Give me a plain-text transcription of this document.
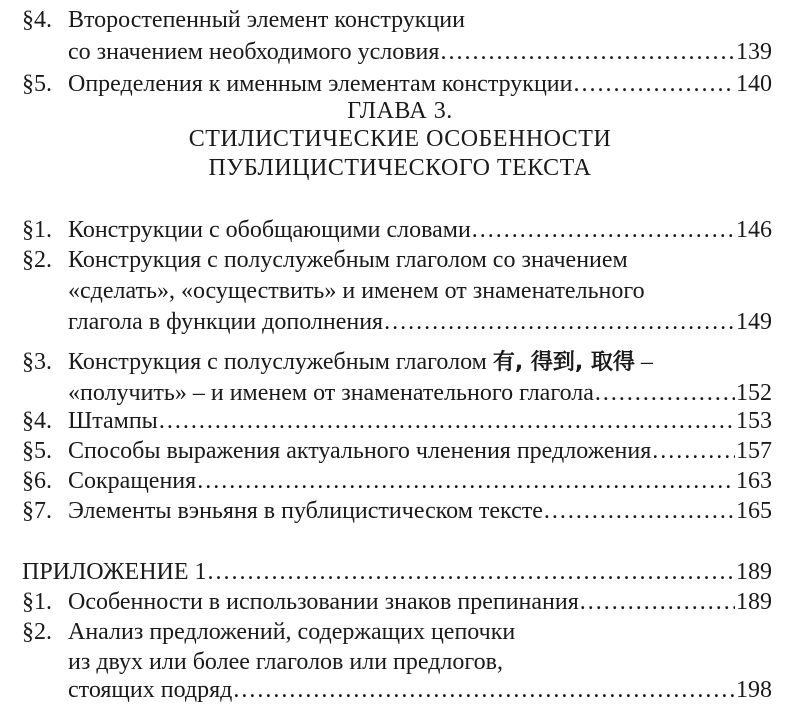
§4. Второстепенный элемент конструкции
со значением необходимого условия . . .	139
§5. Определения к именным элементам конструкции . . .	140
ГЛАВА 3.
СТИЛИСТИЧЕСКИЕ ОСОБЕННОСТИ
ПУБЛИЦИСТИЧЕСКОГО ТЕКСТА
§1. Конструкции с обобщающими словами . . .	146
§2. Конструкция с полуслужебным глаголом со значением
«сделать», «осуществить» и именем от знаменательного
глагола в функции дополнения . . .	149
§3. Конструкция с полуслужебным глаголом 有, 得到, 取得 –
«получить» – и именем от знаменательного глагола . . .	152
§4. Штампы . . .	153
§5. Способы выражения актуального членения предложения . . .	157
§6. Сокращения . . .	163
§7. Элементы вэньяня в публицистическом тексте . . .	165
ПРИЛОЖЕНИЕ 1 . . .	189
§1. Особенности в использовании знаков препинания . . .	189
§2. Анализ предложений, содержащих цепочки
из двух или более глаголов или предлогов,
стоящих подряд . . .	198
